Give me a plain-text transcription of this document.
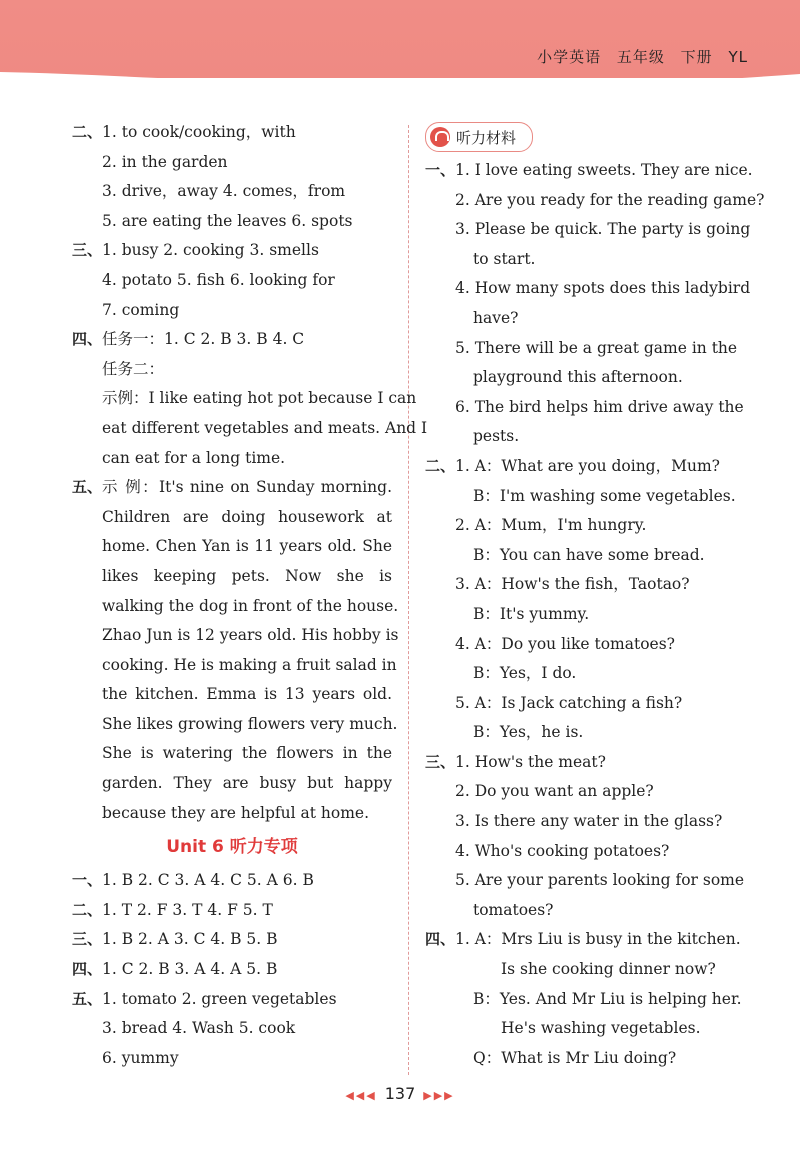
小学英语 五年级 下册 YL
二、1. to cook/cooking，with
2. in the garden
3. drive，away 4. comes，from
5. are eating the leaves 6. spots
三、1. busy 2. cooking 3. smells
4. potato 5. fish 6. looking for
7. coming
四、任务一：1. C 2. B 3. B 4. C
任务二：
示例：I like eating hot pot because I can
eat different vegetables and meats. And I
can eat for a long time.
五、 示 例：It's nine on Sunday morning.
Children are doing housework at
home. Chen Yan is 11 years old. She
likes keeping pets. Now she is
walking the dog in front of the house.
Zhao Jun is 12 years old. His hobby is
cooking. He is making a fruit salad in
the kitchen. Emma is 13 years old.
She likes growing flowers very much.
She is watering the flowers in the
garden. They are busy but happy
because they are helpful at home.
Unit 6 听力专项
一、1. B 2. C 3. A 4. C 5. A 6. B
二、1. T 2. F 3. T 4. F 5. T
三、1. B 2. A 3. C 4. B 5. B
四、1. C 2. B 3. A 4. A 5. B
五、1. tomato 2. green vegetables
3. bread 4. Wash 5. cook
6. yummy
听力材料
一、1. I love eating sweets. They are nice.
2. Are you ready for the reading game?
3. Please be quick. The party is going
to start.
4. How many spots does this ladybird
have?
5. There will be a great game in the
playground this afternoon.
6. The bird helps him drive away the
pests.
二、1. A：What are you doing，Mum?
B：I'm washing some vegetables.
2. A：Mum，I'm hungry.
B：You can have some bread.
3. A：How's the fish，Taotao?
B：It's yummy.
4. A：Do you like tomatoes?
B：Yes，I do.
5. A：Is Jack catching a fish?
B：Yes，he is.
三、1. How's the meat?
2. Do you want an apple?
3. Is there any water in the glass?
4. Who's cooking potatoes?
5. Are your parents looking for some
tomatoes?
四、1. A：Mrs Liu is busy in the kitchen.
Is she cooking dinner now?
B：Yes. And Mr Liu is helping her.
He's washing vegetables.
Q：What is Mr Liu doing?
◀◀◀ 137 ▶▶▶
